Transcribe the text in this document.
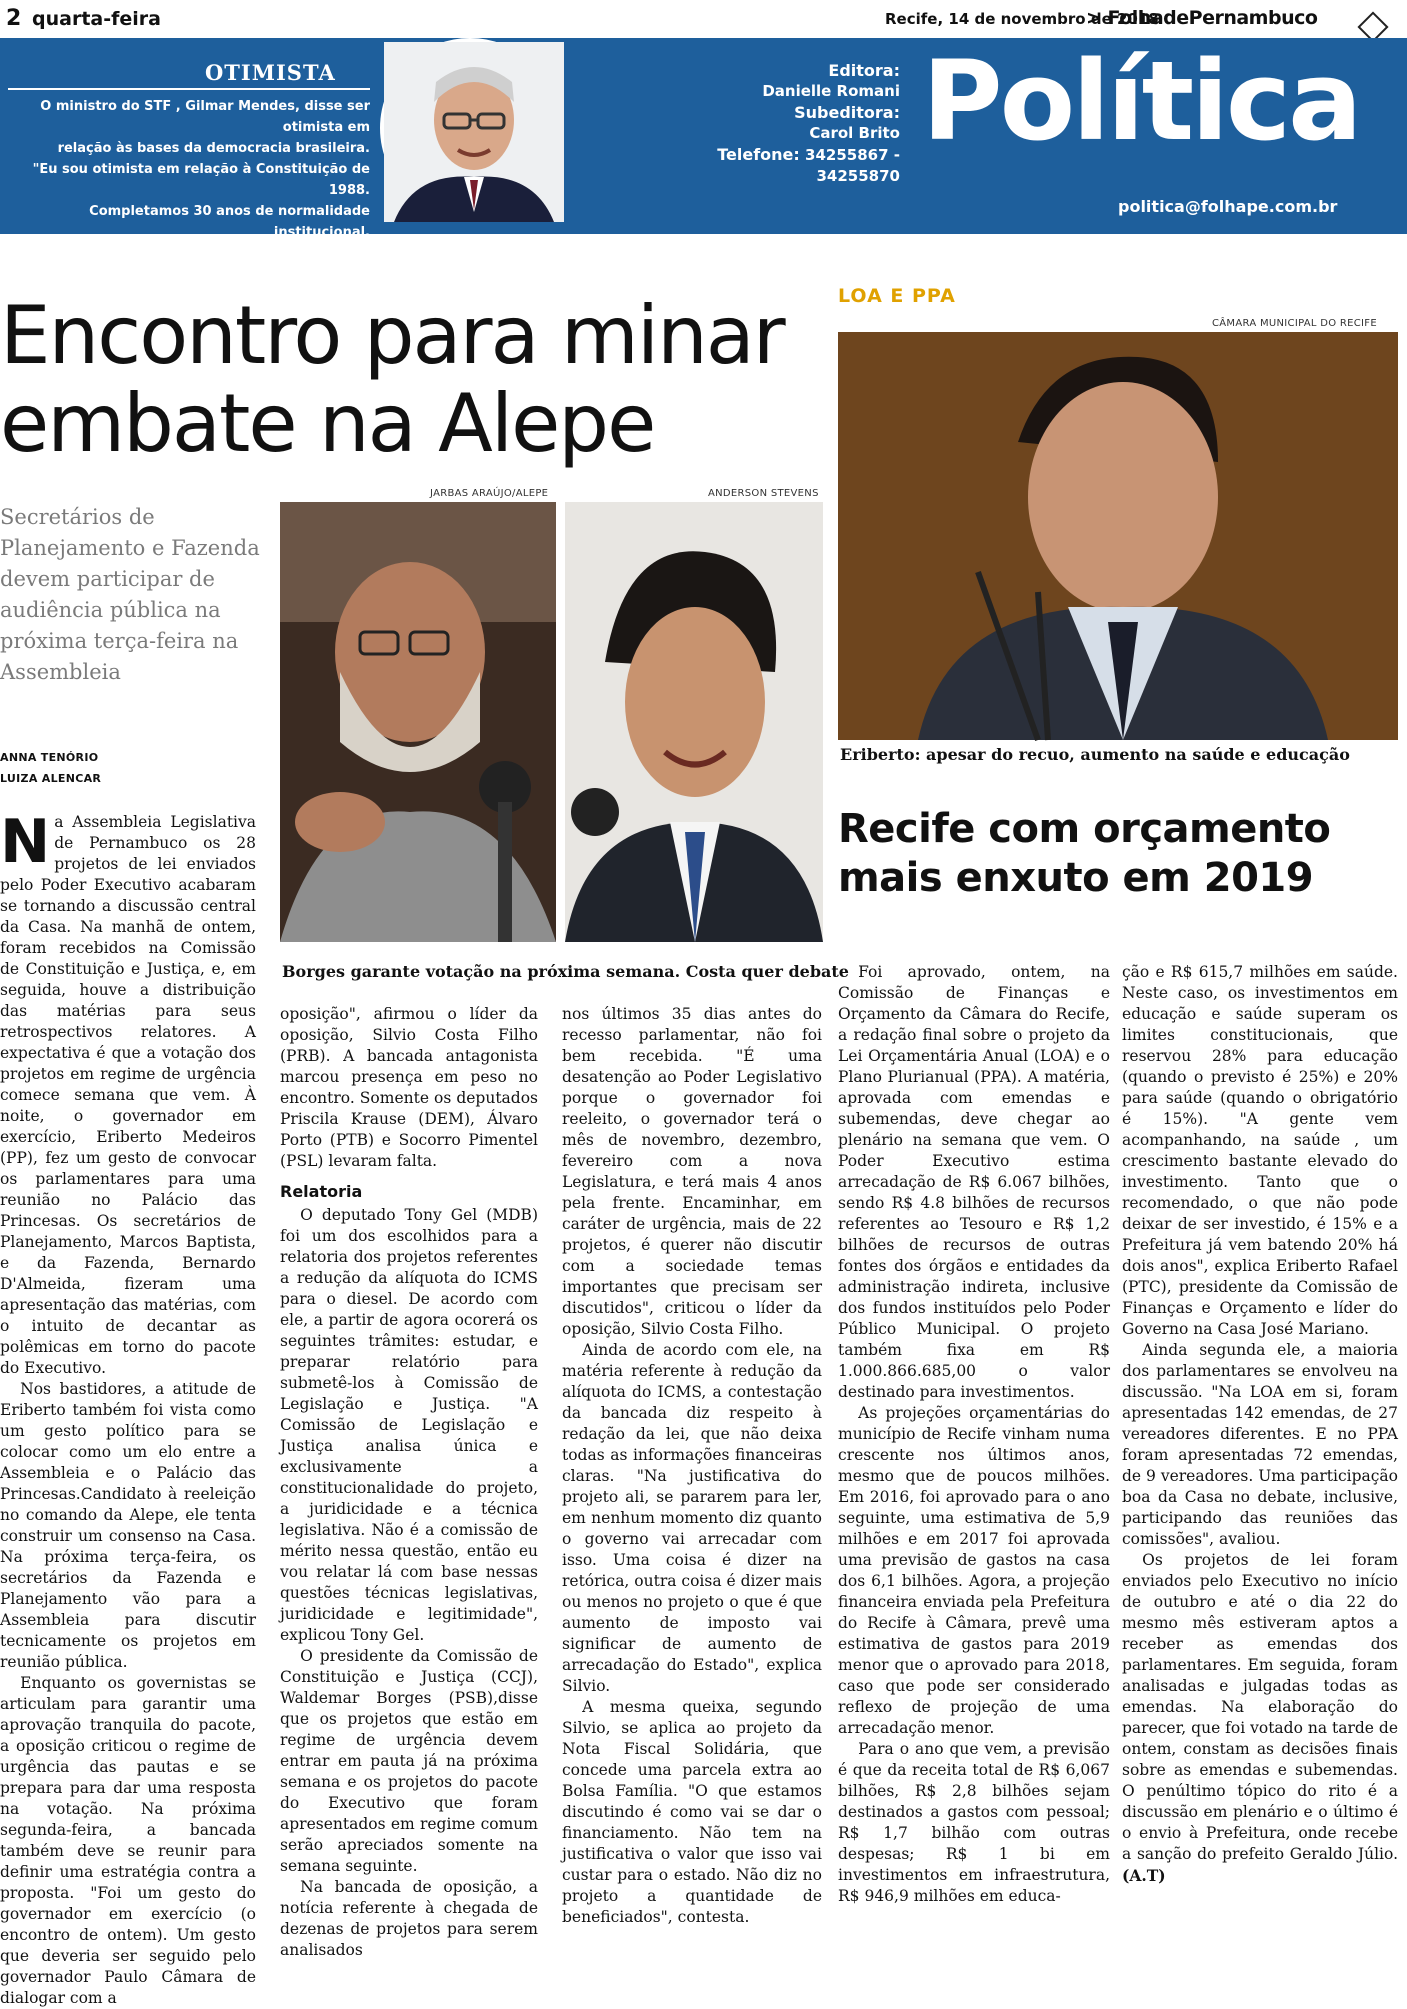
2 quarta-feira	Recife, 14 de novembro de 2018
> FolhadePernambuco
OTIMISTA
O ministro do STF , Gilmar Mendes, disse ser otimista em
relação às bases da democracia brasileira.
"Eu sou otimista em relação à Constituição de 1988.
Completamos 30 anos de normalidade institucional.
Agora a meta é pensar nos próximos 30 anos."
Editora:
Danielle Romani
Subeditora:
Carol Brito
Telefone: 34255867 - 34255870
Política
politica@folhape.com.br
Encontro para minar embate na Alepe
Secretários de Planejamento e Fazenda devem participar de audiência pública na próxima terça-feira na Assembleia
ANNA TENÓRIO
LUIZA ALENCAR
JARBAS ARAÚJO/ALEPE	ANDERSON STEVENS
Borges garante votação na próxima semana. Costa quer debate

Na Assembleia Legislativa de Pernambuco os 28 projetos de lei enviados pelo Poder Executivo acabaram se tornando a discussão central da Casa. Na manhã de ontem, foram recebidos na Comissão de Constituição e Justiça, e, em seguida, houve a distribuição das matérias para seus retrospectivos relatores. A expectativa é que a votação dos projetos em regime de urgência comece semana que vem. À noite, o governador em exercício, Eriberto Medeiros (PP), fez um gesto de convocar os parlamentares para uma reunião no Palácio das Princesas. Os secretários de Planejamento, Marcos Baptista, e da Fazenda, Bernardo D'Almeida, fizeram uma apresentação das matérias, com o intuito de decantar as polêmicas em torno do pacote do Executivo.

Nos bastidores, a atitude de Eriberto também foi vista como um gesto político para se colocar como um elo entre a Assembleia e o Palácio das Princesas.Candidato à reeleição no comando da Alepe, ele tenta construir um consenso na Casa. Na próxima terça-feira, os secretários da Fazenda e Planejamento vão para a Assembleia para discutir tecnicamente os projetos em reunião pública.

Enquanto os governistas se articulam para garantir uma aprovação tranquila do pacote, a oposição criticou o regime de urgência das pautas e se prepara para dar uma resposta na votação. Na próxima segunda-feira, a bancada também deve se reunir para definir uma estratégia contra a proposta. "Foi um gesto do governador em exercício (o encontro de ontem). Um gesto que deveria ser seguido pelo governador Paulo Câmara de dialogar com a

oposição", afirmou o líder da oposição, Silvio Costa Filho (PRB). A bancada antagonista marcou presença em peso no encontro. Somente os deputados Priscila Krause (DEM), Álvaro Porto (PTB) e Socorro Pimentel (PSL) levaram falta.

Relatoria

O deputado Tony Gel (MDB) foi um dos escolhidos para a relatoria dos projetos referentes a redução da alíquota do ICMS para o diesel. De acordo com ele, a partir de agora ocorerá os seguintes trâmites: estudar, e preparar relatório para submetê-los à Comissão de Legislação e Justiça. "A Comissão de Legislação e Justiça analisa única e exclusivamente a constitucionalidade do projeto, a juridicidade e a técnica legislativa. Não é a comissão de mérito nessa questão, então eu vou relatar lá com base nessas questões técnicas legislativas, juridicidade e legitimidade", explicou Tony Gel.

O presidente da Comissão de Constituição e Justiça (CCJ), Waldemar Borges (PSB),disse que os projetos que estão em regime de urgência devem entrar em pauta já na próxima semana e os projetos do pacote do Executivo que foram apresentados em regime comum serão apreciados somente na semana seguinte.

Na bancada de oposição, a notícia referente à chegada de dezenas de projetos para serem analisados

nos últimos 35 dias antes do recesso parlamentar, não foi bem recebida. "É uma desatenção ao Poder Legislativo porque o governador foi reeleito, o governador terá o mês de novembro, dezembro, fevereiro com a nova Legislatura, e terá mais 4 anos pela frente. Encaminhar, em caráter de urgência, mais de 22 projetos, é querer não discutir com a sociedade temas importantes que precisam ser discutidos", criticou o líder da oposição, Silvio Costa Filho.

Ainda de acordo com ele, na matéria referente à redução da alíquota do ICMS, a contestação da bancada diz respeito à redação da lei, que não deixa todas as informações financeiras claras. "Na justificativa do projeto ali, se pararem para ler, em nenhum momento diz quanto o governo vai arrecadar com isso. Uma coisa é dizer na retórica, outra coisa é dizer mais ou menos no projeto o que é que aumento de imposto vai significar de aumento de arrecadação do Estado", explica Silvio.

A mesma queixa, segundo Silvio, se aplica ao projeto da Nota Fiscal Solidária, que concede uma parcela extra ao Bolsa Família. "O que estamos discutindo é como vai se dar o financiamento. Não tem na justificativa o valor que isso vai custar para o estado. Não diz no projeto a quantidade de beneficiados", contesta.

LOA E PPA
CÂMARA MUNICIPAL DO RECIFE
Eriberto: apesar do recuo, aumento na saúde e educação
Recife com orçamento mais enxuto em 2019

Foi aprovado, ontem, na Comissão de Finanças e Orçamento da Câmara do Recife, a redação final sobre o projeto da Lei Orçamentária Anual (LOA) e o Plano Plurianual (PPA). A matéria, aprovada com emendas e subemendas, deve chegar ao plenário na semana que vem. O Poder Executivo estima arrecadação de R$ 6.067 bilhões, sendo R$ 4.8 bilhões de recursos referentes ao Tesouro e R$ 1,2 bilhões de recursos de outras fontes dos órgãos e entidades da administração indireta, inclusive dos fundos instituídos pelo Poder Público Municipal. O projeto também fixa em R$ 1.000.866.685,00 o valor destinado para investimentos.

As projeções orçamentárias do município de Recife vinham numa crescente nos últimos anos, mesmo que de poucos milhões. Em 2016, foi aprovado para o ano seguinte, uma estimativa de 5,9 milhões e em 2017 foi aprovada uma previsão de gastos na casa dos 6,1 bilhões. Agora, a projeção financeira enviada pela Prefeitura do Recife à Câmara, prevê uma estimativa de gastos para 2019 menor que o aprovado para 2018, caso que pode ser considerado reflexo de projeção de uma arrecadação menor.

Para o ano que vem, a previsão é que da receita total de R$ 6,067 bilhões, R$ 2,8 bilhões sejam destinados a gastos com pessoal; R$ 1,7 bilhão com outras despesas; R$ 1 bi em investimentos em infraestrutura, R$ 946,9 milhões em educa-

ção e R$ 615,7 milhões em saúde. Neste caso, os investimentos em educação e saúde superam os limites constitucionais, que reservou 28% para educação (quando o previsto é 25%) e 20% para saúde (quando o obrigatório é 15%). "A gente vem acompanhando, na saúde , um crescimento bastante elevado do investimento. Tanto que o recomendado, o que não pode deixar de ser investido, é 15% e a Prefeitura já vem batendo 20% há dois anos", explica Eriberto Rafael (PTC), presidente da Comissão de Finanças e Orçamento e líder do Governo na Casa José Mariano.

Ainda segunda ele, a maioria dos parlamentares se envolveu na discussão. "Na LOA em si, foram apresentadas 142 emendas, de 27 vereadores diferentes. E no PPA foram apresentadas 72 emendas, de 9 vereadores. Uma participação boa da Casa no debate, inclusive, participando das reuniões das comissões", avaliou.

Os projetos de lei foram enviados pelo Executivo no início de outubro e até o dia 22 do mesmo mês estiveram aptos a receber as emendas dos parlamentares. Em seguida, foram analisadas e julgadas todas as emendas. Na elaboração do parecer, que foi votado na tarde de ontem, constam as decisões finais sobre as emendas e subemendas. O penúltimo tópico do rito é a discussão em plenário e o último é o envio à Prefeitura, onde recebe a sanção do prefeito Geraldo Júlio. (A.T)
